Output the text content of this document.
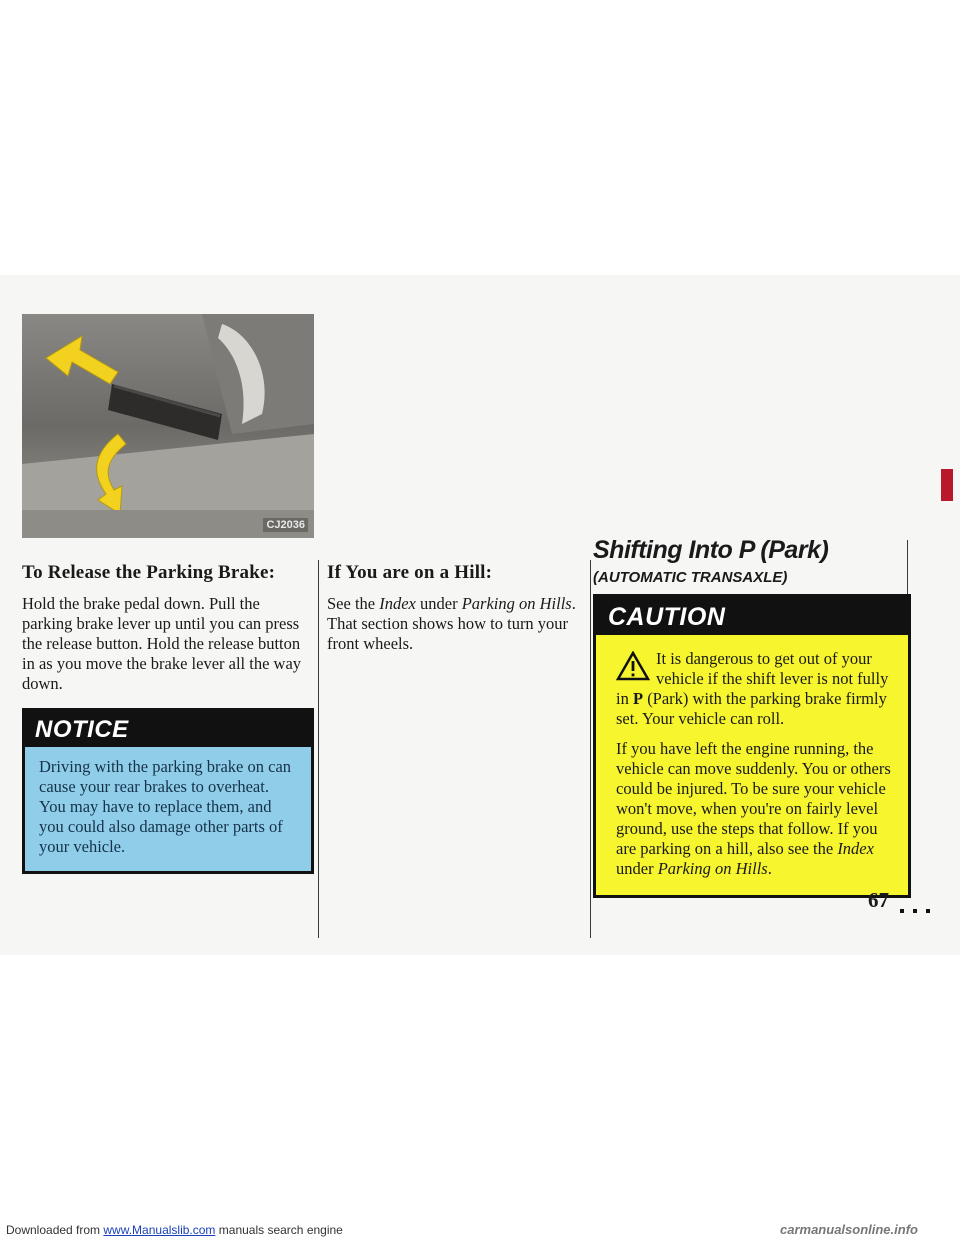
CJ2036
To Release the Parking Brake:

Hold the brake pedal down. Pull the parking brake lever up until you can press the release button. Hold the release button in as you move the brake lever all the way down.

NOTICE
Driving with the parking brake on can cause your rear brakes to overheat. You may have to replace them, and you could also damage other parts of your vehicle.
If You are on a Hill:

See the Index under Parking on Hills. That section shows how to turn your front wheels.

Shifting Into P (Park)
(AUTOMATIC TRANSAXLE)
CAUTION

It is dangerous to get out of your vehicle if the shift lever is not fully in P (Park) with the parking brake firmly set. Your vehicle can roll.

If you have left the engine running, the vehicle can move suddenly. You or others could be injured. To be sure your vehicle won't move, when you're on fairly level ground, use the steps that follow. If you are parking on a hill, also see the Index under Parking on Hills.

67
Downloaded from www.Manualslib.com manuals search engine	carmanualsonline.info
